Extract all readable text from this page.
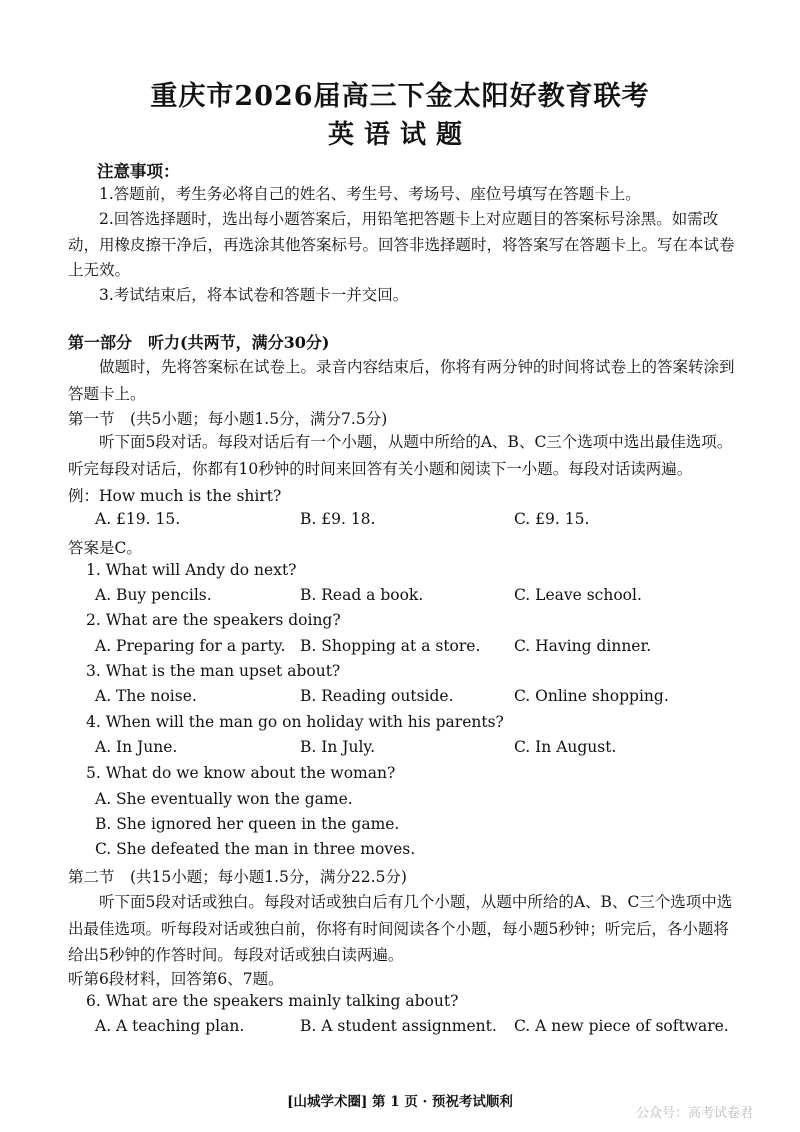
重庆市2026届高三下金太阳好教育联考
英语试题
注意事项：
1.答题前，考生务必将自己的姓名、考生号、考场号、座位号填写在答题卡上。
2.回答选择题时，选出每小题答案后，用铅笔把答题卡上对应题目的答案标号涂黑。如需改动，用橡皮擦干净后，再选涂其他答案标号。回答非选择题时，将答案写在答题卡上。写在本试卷上无效。
3.考试结束后，将本试卷和答题卡一并交回。
第一部分　听力(共两节，满分30分)
做题时，先将答案标在试卷上。录音内容结束后，你将有两分钟的时间将试卷上的答案转涂到答题卡上。
第一节　(共5小题；每小题1.5分，满分7.5分)
听下面5段对话。每段对话后有一个小题，从题中所给的A、B、C三个选项中选出最佳选项。听完每段对话后，你都有10秒钟的时间来回答有关小题和阅读下一小题。每段对话读两遍。
例：How much is the shirt?
A. £19. 15.	B. £9. 18.	C. £9. 15.
答案是C。
1. What will Andy do next?
A. Buy pencils.	B. Read a book.	C. Leave school.
2. What are the speakers doing?
A. Preparing for a party. B. Shopping at a store. C. Having dinner.
3. What is the man upset about?
A. The noise.	B. Reading outside.	C. Online shopping.
4. When will the man go on holiday with his parents?
A. In June.	B. In July.	C. In August.
5. What do we know about the woman?
A. She eventually won the game.
B. She ignored her queen in the game.
C. She defeated the man in three moves.
第二节　(共15小题；每小题1.5分，满分22.5分)
听下面5段对话或独白。每段对话或独白后有几个小题，从题中所给的A、B、C三个选项中选出最佳选项。听每段对话或独白前，你将有时间阅读各个小题，每小题5秒钟；听完后，各小题将给出5秒钟的作答时间。每段对话或独白读两遍。
听第6段材料，回答第6、7题。
6. What are the speakers mainly talking about?
A. A teaching plan.	B. A student assignment. C. A new piece of software.
[山城学术圈] 第 1 页 · 预祝考试顺利
公众号：高考试卷君
